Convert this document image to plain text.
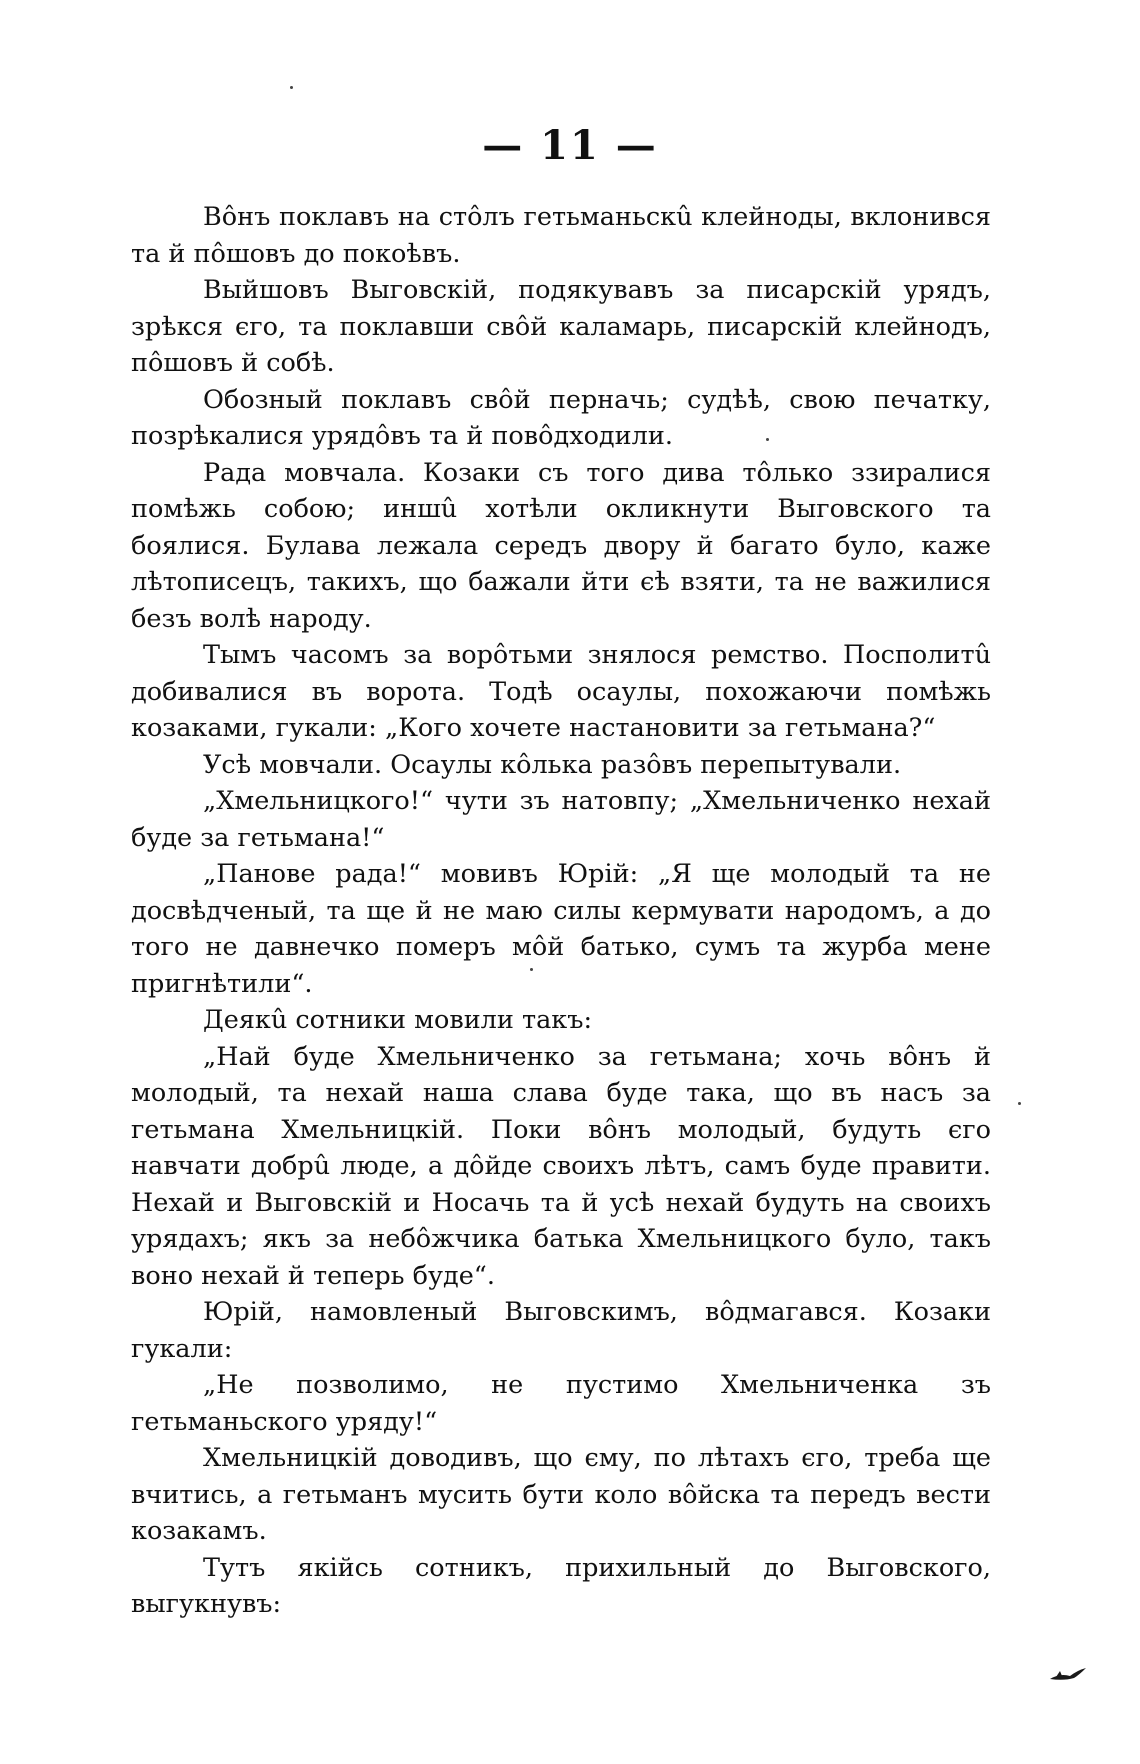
— 11 —

Вôнъ поклавъ на стôлъ гетьманьскû клейноды, вклонився та й пôшовъ до покоѣвъ.

Выйшовъ Выговскій, подякувавъ за писарскій урядъ, зрѣкся єго, та поклавши свôй каламарь, писарскій клейнодъ, пôшовъ й собѣ.

Обозный поклавъ свôй перначь; судѣѣ, свою печатку, позрѣкалися урядôвъ та й повôдходили.

Рада мовчала. Козаки съ того дива тôлько ззиралися помѣжь собою; иншû хотѣли окликнути Выговского та боялися. Булава лежала середъ двору й багато було, каже лѣтописецъ, такихъ, що бажали йти єѣ взяти, та не важилися безъ волѣ народу.

Тымъ часомъ за ворôтьми знялося ремство. Посполитû добивалися въ ворота. Тодѣ осаулы, похожаючи помѣжь козаками, гукали: „Кого хочете настановити за гетьмана?“

Усѣ мовчали. Осаулы кôлька разôвъ перепытували.

„Хмельницкого!“ чути зъ натовпу; „Хмельниченко нехай буде за гетьмана!“

„Панове рада!“ мовивъ Юрій: „Я ще молодый та не досвѣдченый, та ще й не маю силы кермувати народомъ, а до того не давнечко померъ мôй батько, сумъ та журба мене пригнѣтили“.

Деякû сотники мовили такъ:

„Най буде Хмельниченко за гетьмана; хочь вôнъ й молодый, та нехай наша слава буде така, що въ насъ за гетьмана Хмельницкій. Поки вôнъ молодый, будуть єго навчати добрû люде, а дôйде своихъ лѣтъ, самъ буде правити. Нехай и Выговскій и Носачь та й усѣ нехай будуть на своихъ урядахъ; якъ за небôжчика батька Хмельницкого було, такъ воно нехай й теперь буде“.

Юрій, намовленый Выговскимъ, вôдмагався. Козаки гукали:

„Не позволимо, не пустимо Хмельниченка зъ гетьманьского уряду!“

Хмельницкій доводивъ, що єму, по лѣтахъ єго, треба ще вчитись, а гетьманъ мусить бути коло вôйска та передъ вести козакамъ.

Тутъ якійсь сотникъ, прихильный до Выговского, выгукнувъ:
